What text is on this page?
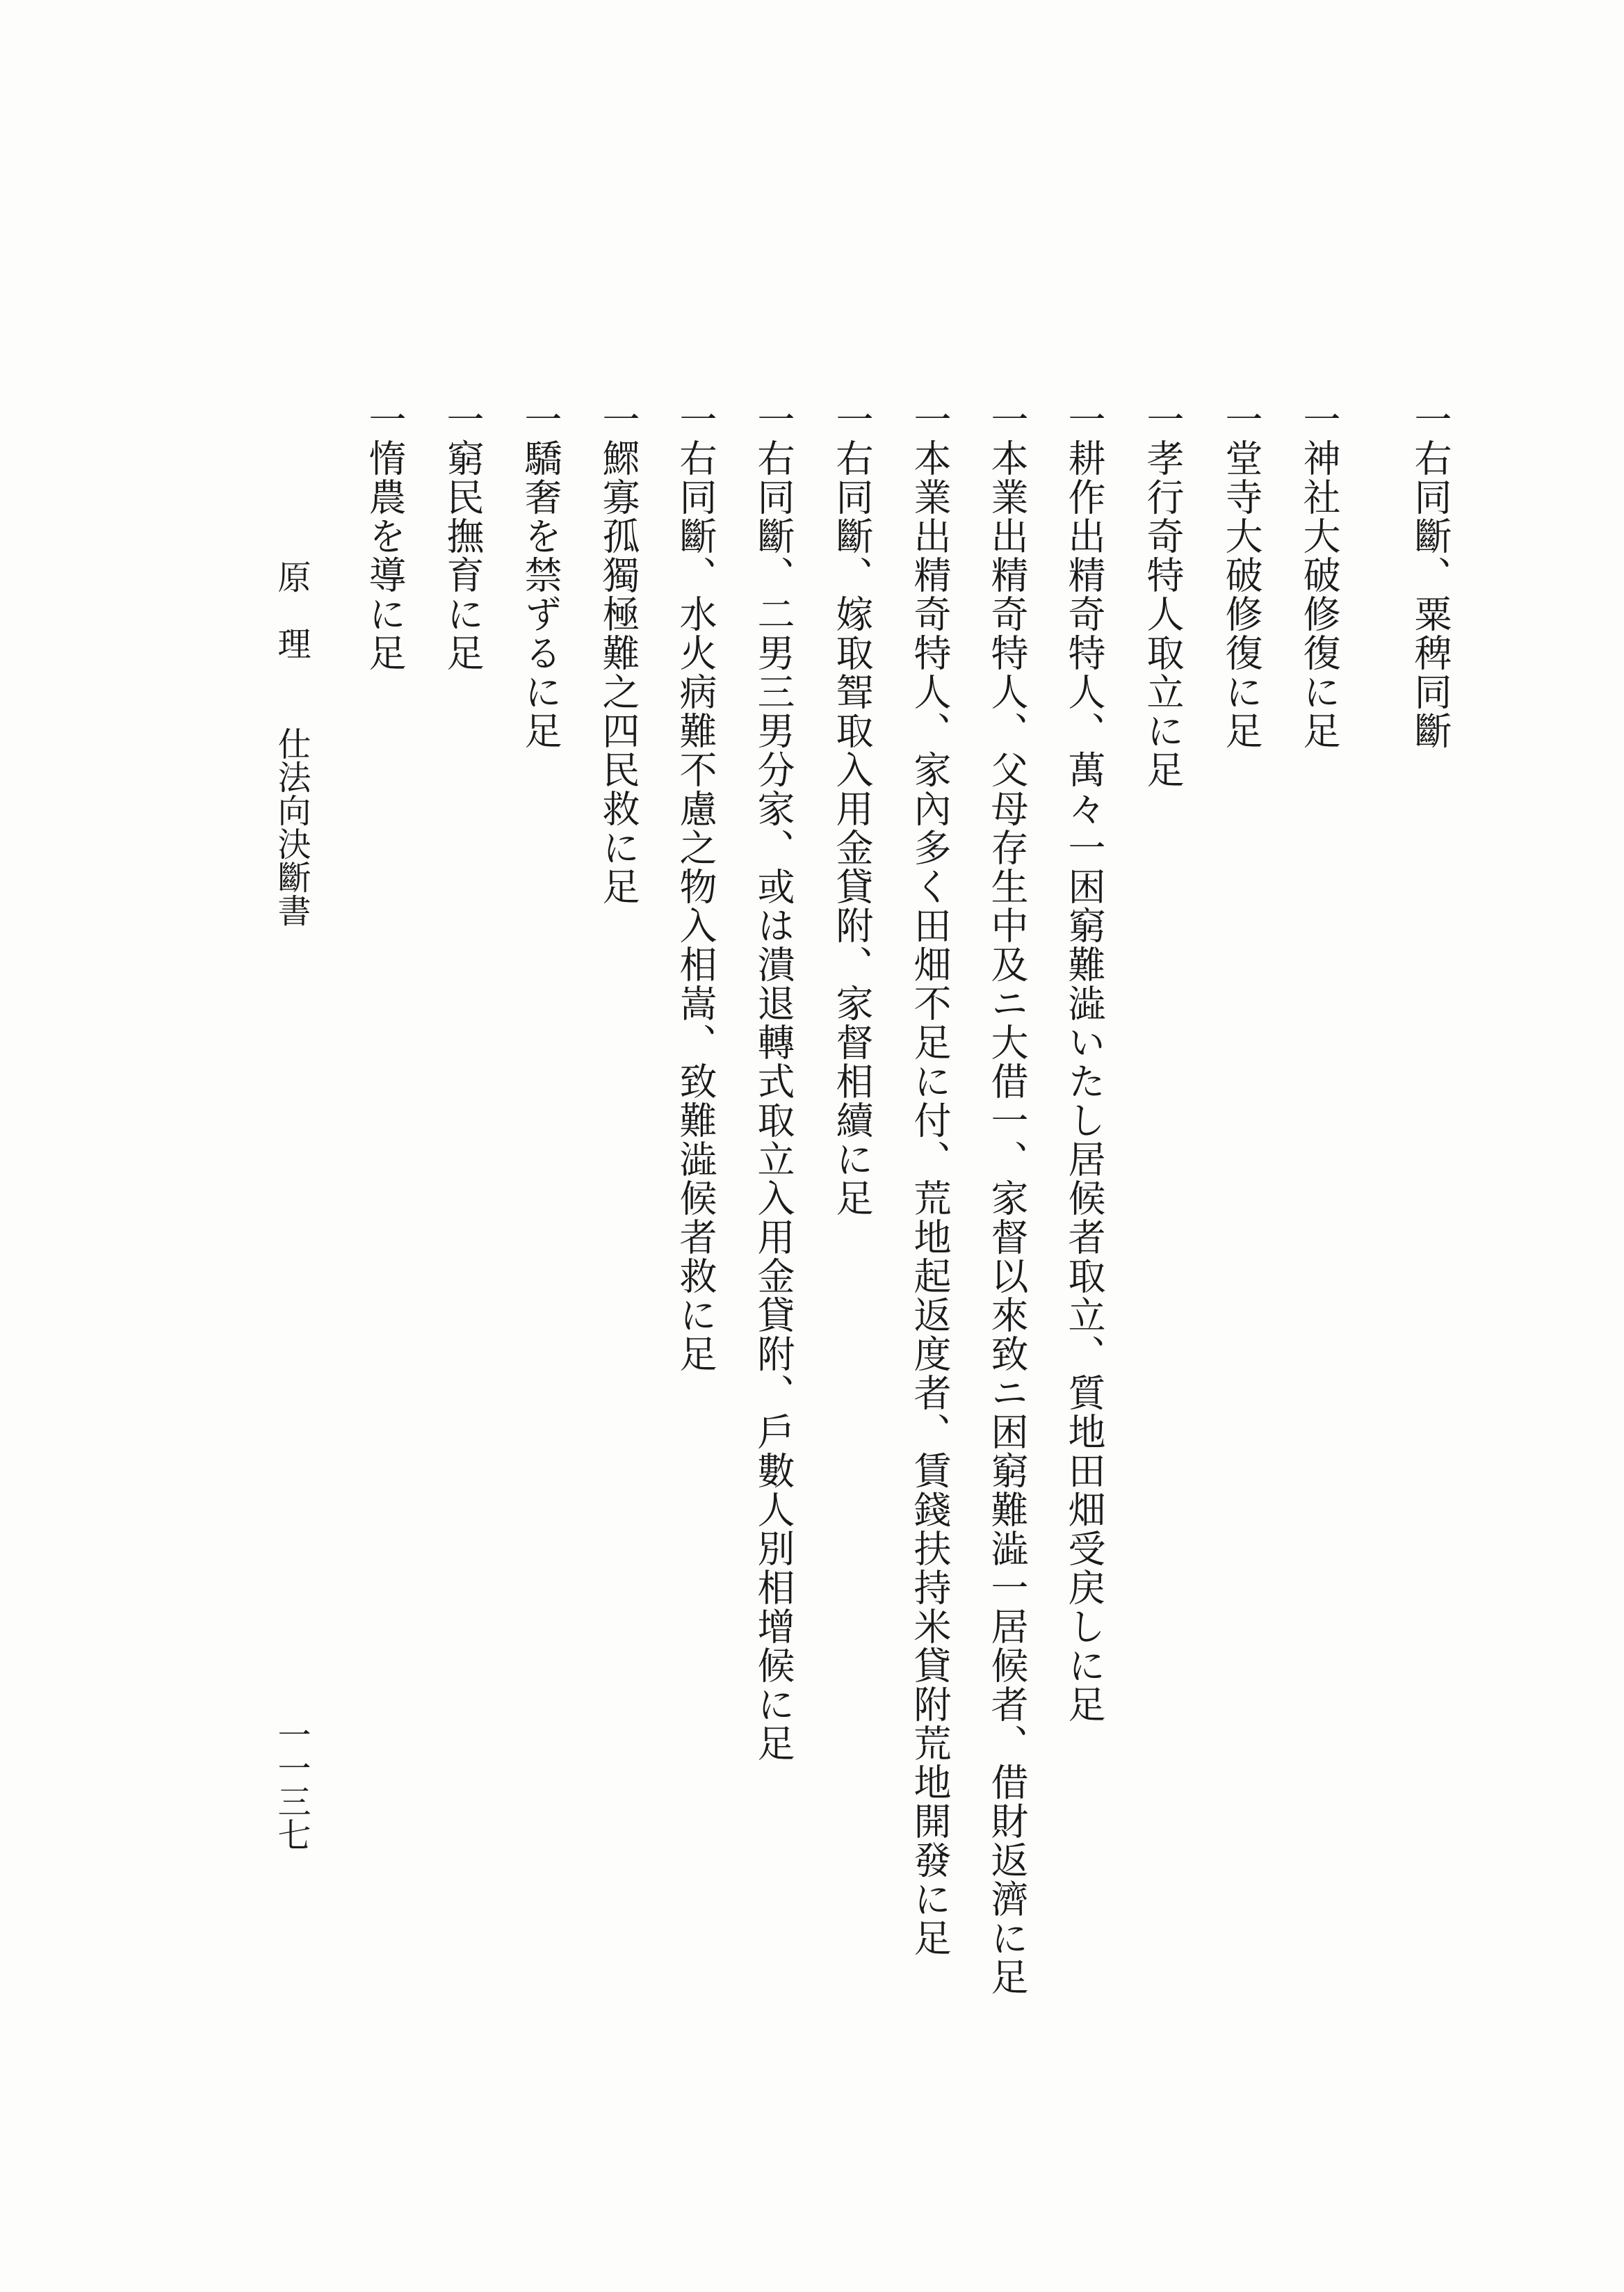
一右同斷、粟稗同斷
一神社大破修復に足
一堂寺大破修復に足
一孝行奇特人取立に足
一耕作出精奇特人、萬々一困窮難澁いたし居候者取立、質地田畑受戻しに足
一本業出精奇特人、父母存生中及ニ大借一、家督以來致ニ困窮難澁一居候者、借財返濟に足
一本業出精奇特人、家內多く田畑不足に付、荒地起返度者、賃錢扶持米貸附荒地開發に足
一右同斷、嫁取聟取入用金貸附、家督相續に足
一右同斷、二男三男分家、或は潰退轉式取立入用金貸附、戶數人別相增候に足
一右同斷、水火病難不慮之物入相嵩、致難澁候者救に足
一鰥寡孤獨極難之四民救に足
一驕奢を禁ずるに足
一窮民撫育に足
一惰農を導に足
原　理　　仕法向決斷書
一一三七
